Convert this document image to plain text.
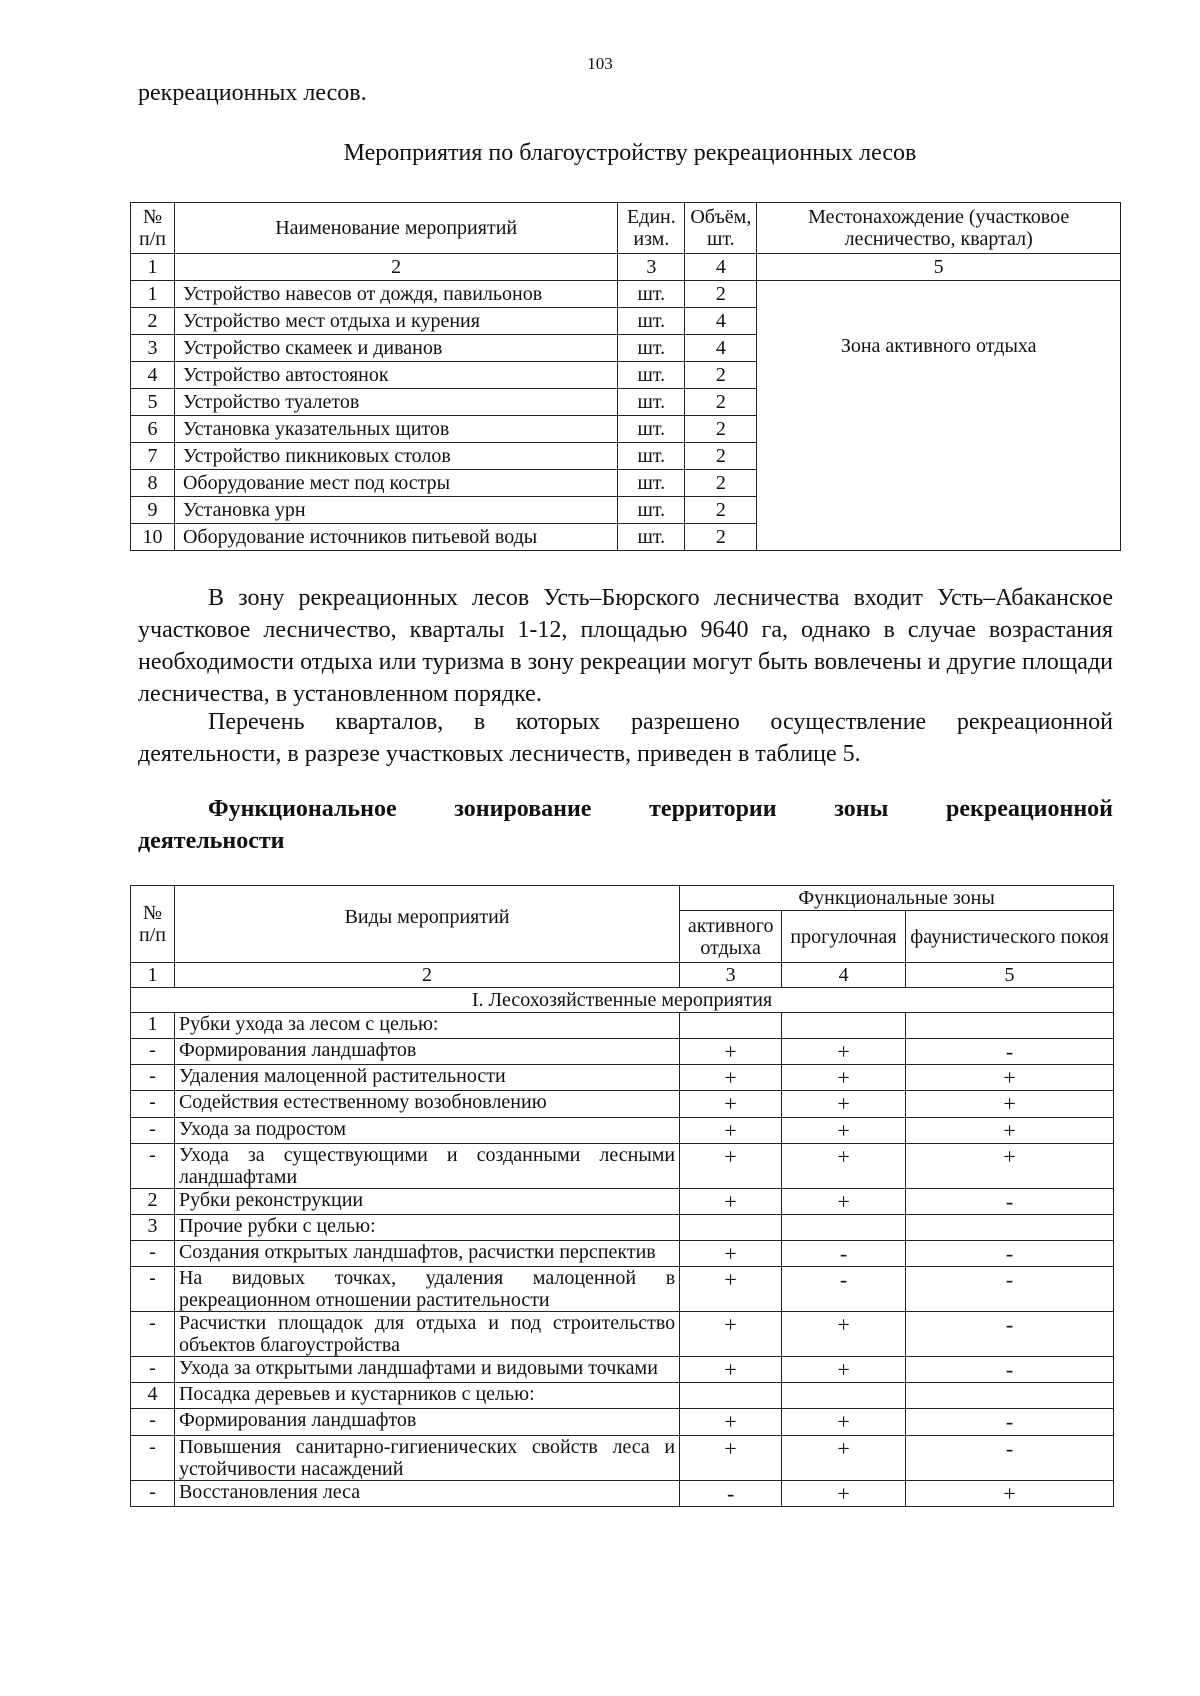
103
рекреационных лесов.
Мероприятия по благоустройству рекреационных лесов
№ п/п	Наименование мероприятий	Един. изм.	Объём, шт.	Местонахождение (участковое лесничество, квартал)
1	2	3	4	5
1	Устройство навесов от дождя, павильонов	шт.	2	Зона активного отдыха
2	Устройство мест отдыха и курения	шт.	4	
3	Устройство скамеек и диванов	шт.	4	
4	Устройство автостоянок	шт.	2	
5	Устройство туалетов	шт.	2	
6	Установка указательных щитов	шт.	2	
7	Устройство пикниковых столов	шт.	2	
8	Оборудование мест под костры	шт.	2	
9	Установка урн	шт.	2	
10	Оборудование источников питьевой воды	шт.	2	
В зону рекреационных лесов Усть–Бюрского лесничества входит Усть–Абаканское участковое лесничество, кварталы 1-12, площадью 9640 га, однако в случае возрастания необходимости отдыха или туризма в зону рекреации могут быть вовлечены и другие площади лесничества, в установленном порядке.
Перечень кварталов, в которых разрешено осуществление рекреационной деятельности, в разрезе участковых лесничеств, приведен в таблице 5.
Функциональное зонирование территории зоны рекреационной
деятельности
№ п/п	Виды мероприятий	Функциональные зоны		
		активного отдыха	прогулочная	фаунистического покоя
1	2	3	4	5
I. Лесохозяйственные мероприятия				
1	Рубки ухода за лесом с целью:			
-	Формирования ландшафтов	+	+	-
-	Удаления малоценной растительности	+	+	+
-	Содействия естественному возобновлению	+	+	+
-	Ухода за подростом	+	+	+
-	Ухода за существующими и созданными лесными ландшафтами	+	+	+
2	Рубки реконструкции	+	+	-
3	Прочие рубки с целью:			
-	Создания открытых ландшафтов, расчистки перспектив	+	-	-
-	На видовых точках, удаления малоценной в рекреационном отношении растительности	+	-	-
-	Расчистки площадок для отдыха и под строительство объектов благоустройства	+	+	-
-	Ухода за открытыми ландшафтами и видовыми точками	+	+	-
4	Посадка деревьев и кустарников с целью:			
-	Формирования ландшафтов	+	+	-
-	Повышения санитарно-гигиенических свойств леса и устойчивости насаждений	+	+	-
-	Восстановления леса	-	+	+
